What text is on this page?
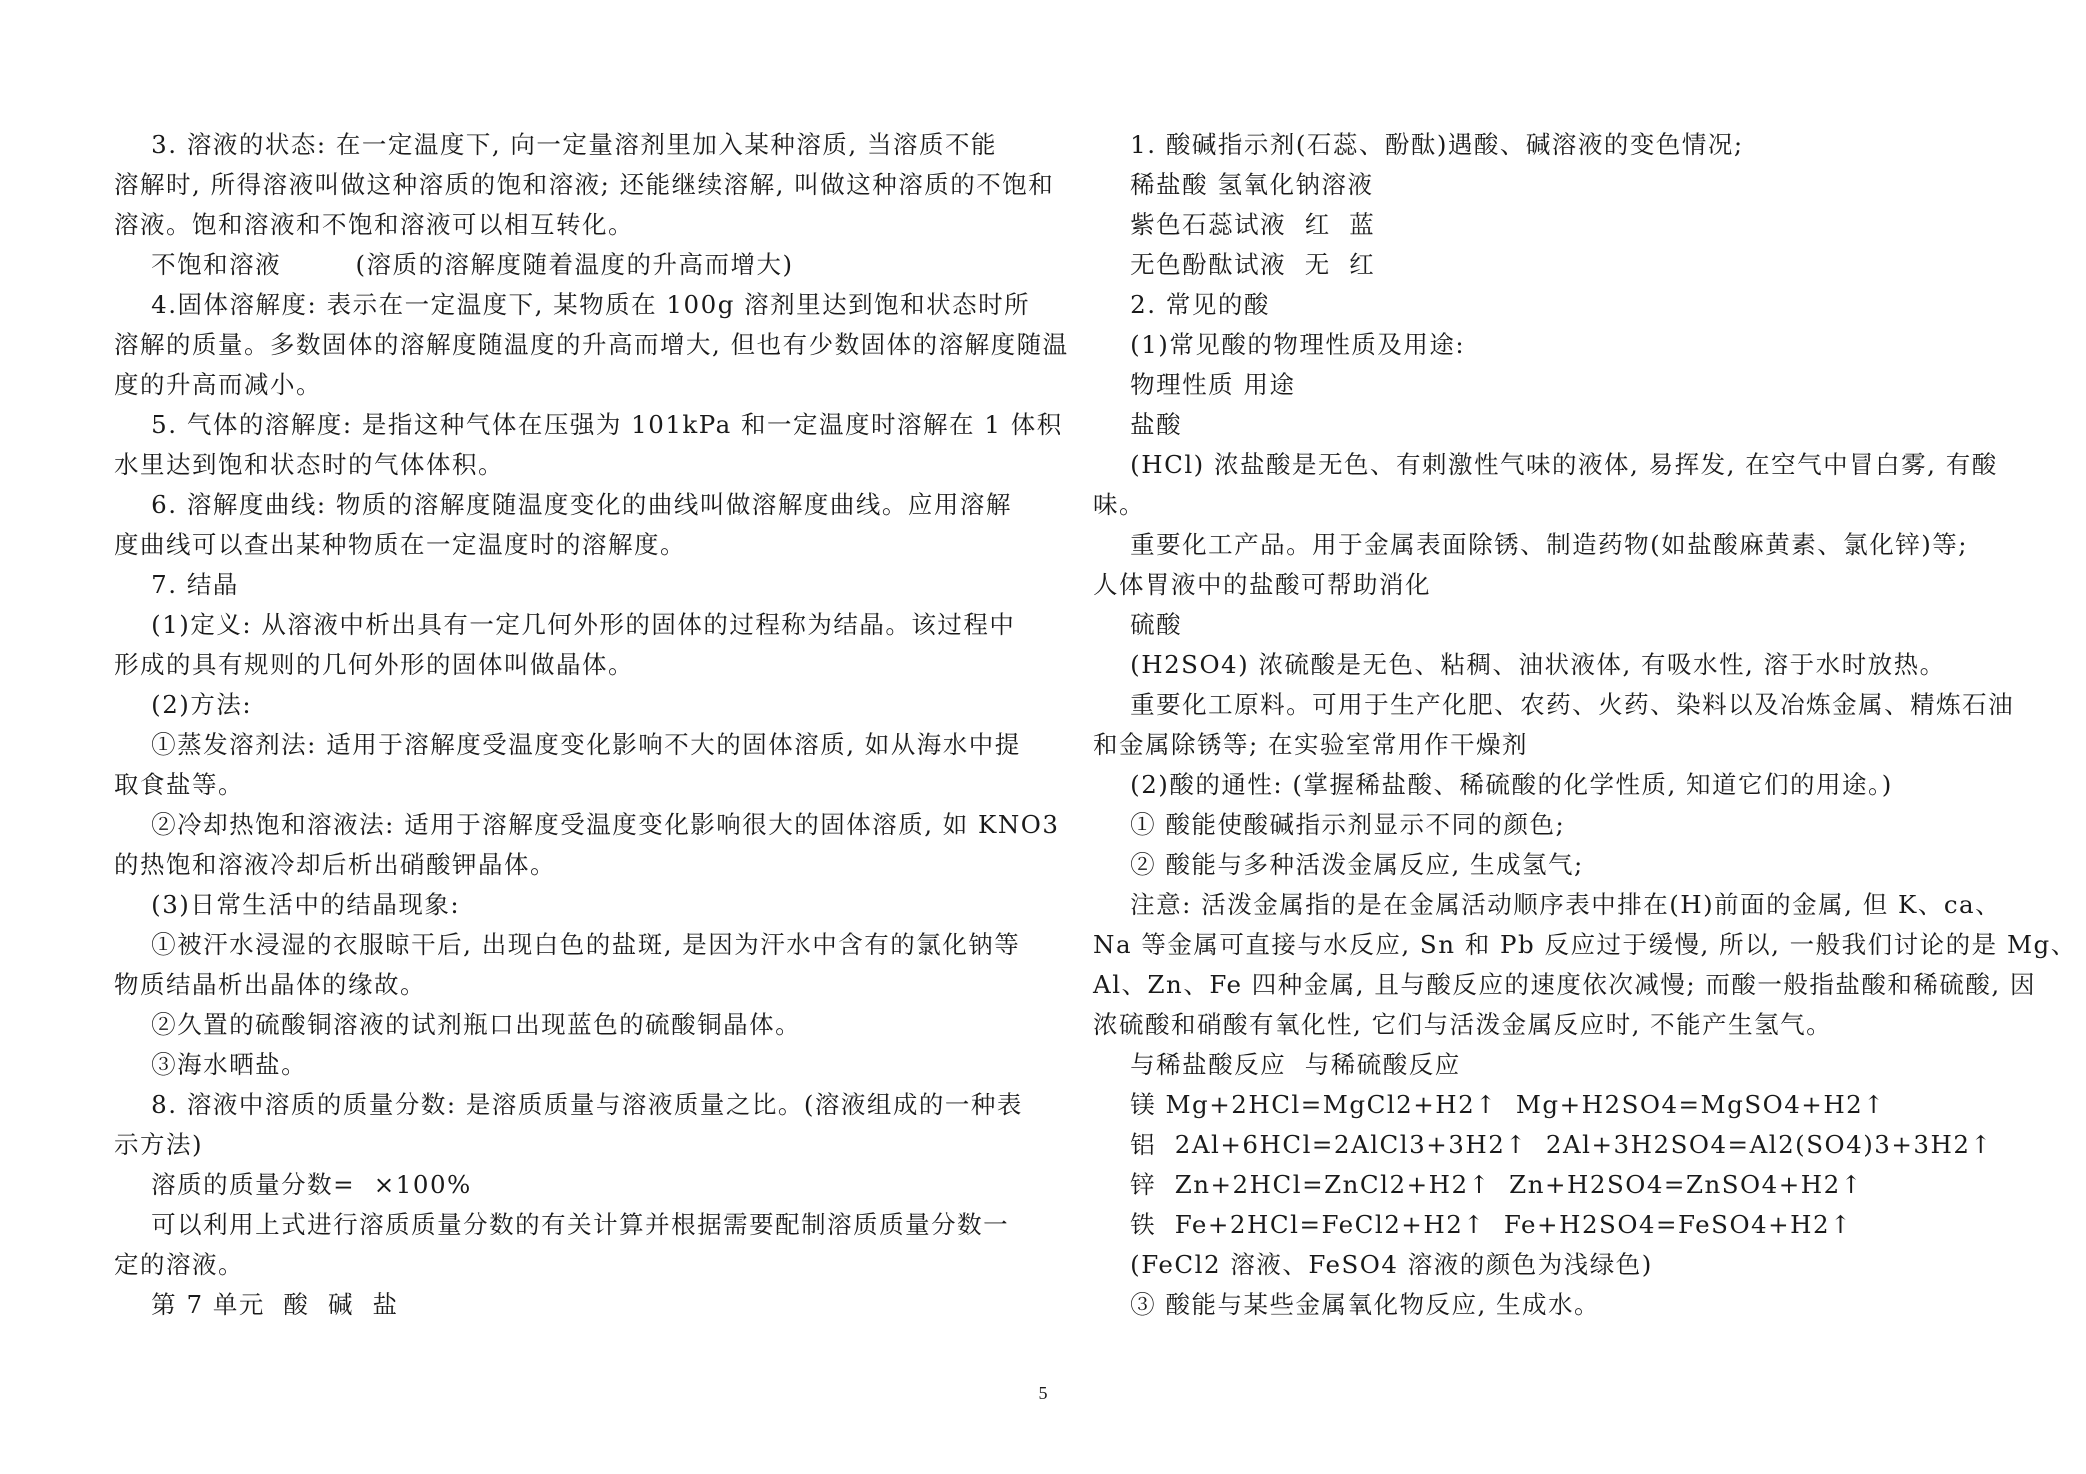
3. 溶液的状态: 在一定温度下, 向一定量溶剂里加入某种溶质, 当溶质不能

溶解时, 所得溶液叫做这种溶质的饱和溶液; 还能继续溶解, 叫做这种溶质的不饱和

溶液。饱和溶液和不饱和溶液可以相互转化。

不饱和溶液        (溶质的溶解度随着温度的升高而增大)

4.固体溶解度: 表示在一定温度下, 某物质在 100g 溶剂里达到饱和状态时所

溶解的质量。多数固体的溶解度随温度的升高而增大, 但也有少数固体的溶解度随温

度的升高而减小。

5. 气体的溶解度: 是指这种气体在压强为 101kPa 和一定温度时溶解在 1 体积

水里达到饱和状态时的气体体积。

6. 溶解度曲线: 物质的溶解度随温度变化的曲线叫做溶解度曲线。应用溶解

度曲线可以查出某种物质在一定温度时的溶解度。

7. 结晶

(1)定义: 从溶液中析出具有一定几何外形的固体的过程称为结晶。该过程中

形成的具有规则的几何外形的固体叫做晶体。

(2)方法:

①蒸发溶剂法: 适用于溶解度受温度变化影响不大的固体溶质, 如从海水中提

取食盐等。

②冷却热饱和溶液法: 适用于溶解度受温度变化影响很大的固体溶质, 如 KNO3

的热饱和溶液冷却后析出硝酸钾晶体。

(3)日常生活中的结晶现象:

①被汗水浸湿的衣服晾干后, 出现白色的盐斑, 是因为汗水中含有的氯化钠等

物质结晶析出晶体的缘故。

②久置的硫酸铜溶液的试剂瓶口出现蓝色的硫酸铜晶体。

③海水晒盐。

8. 溶液中溶质的质量分数: 是溶质质量与溶液质量之比。(溶液组成的一种表

示方法)

溶质的质量分数=  ×100%

可以利用上式进行溶质质量分数的有关计算并根据需要配制溶质质量分数一

定的溶液。

第 7 单元  酸  碱  盐

1. 酸碱指示剂(石蕊、酚酞)遇酸、碱溶液的变色情况;

稀盐酸 氢氧化钠溶液

紫色石蕊试液  红  蓝

无色酚酞试液  无  红

2. 常见的酸

(1)常见酸的物理性质及用途:

物理性质 用途

盐酸

(HCl) 浓盐酸是无色、有刺激性气味的液体, 易挥发, 在空气中冒白雾, 有酸

味。

重要化工产品。用于金属表面除锈、制造药物(如盐酸麻黄素、氯化锌)等;

人体胃液中的盐酸可帮助消化

硫酸

(H2SO4) 浓硫酸是无色、粘稠、油状液体, 有吸水性, 溶于水时放热。

重要化工原料。可用于生产化肥、农药、火药、染料以及冶炼金属、精炼石油

和金属除锈等; 在实验室常用作干燥剂

(2)酸的通性: (掌握稀盐酸、稀硫酸的化学性质, 知道它们的用途。)

① 酸能使酸碱指示剂显示不同的颜色;

② 酸能与多种活泼金属反应, 生成氢气;

注意: 活泼金属指的是在金属活动顺序表中排在(H)前面的金属, 但 K、ca、

Na 等金属可直接与水反应, Sn 和 Pb 反应过于缓慢, 所以, 一般我们讨论的是 Mg、

Al、Zn、Fe 四种金属, 且与酸反应的速度依次减慢; 而酸一般指盐酸和稀硫酸, 因

浓硫酸和硝酸有氧化性, 它们与活泼金属反应时, 不能产生氢气。

与稀盐酸反应  与稀硫酸反应

镁 Mg+2HCl=MgCl2+H2↑  Mg+H2SO4=MgSO4+H2↑

铝  2Al+6HCl=2AlCl3+3H2↑  2Al+3H2SO4=Al2(SO4)3+3H2↑

锌  Zn+2HCl=ZnCl2+H2↑  Zn+H2SO4=ZnSO4+H2↑

铁  Fe+2HCl=FeCl2+H2↑  Fe+H2SO4=FeSO4+H2↑

(FeCl2 溶液、FeSO4 溶液的颜色为浅绿色)

③ 酸能与某些金属氧化物反应, 生成水。

5
